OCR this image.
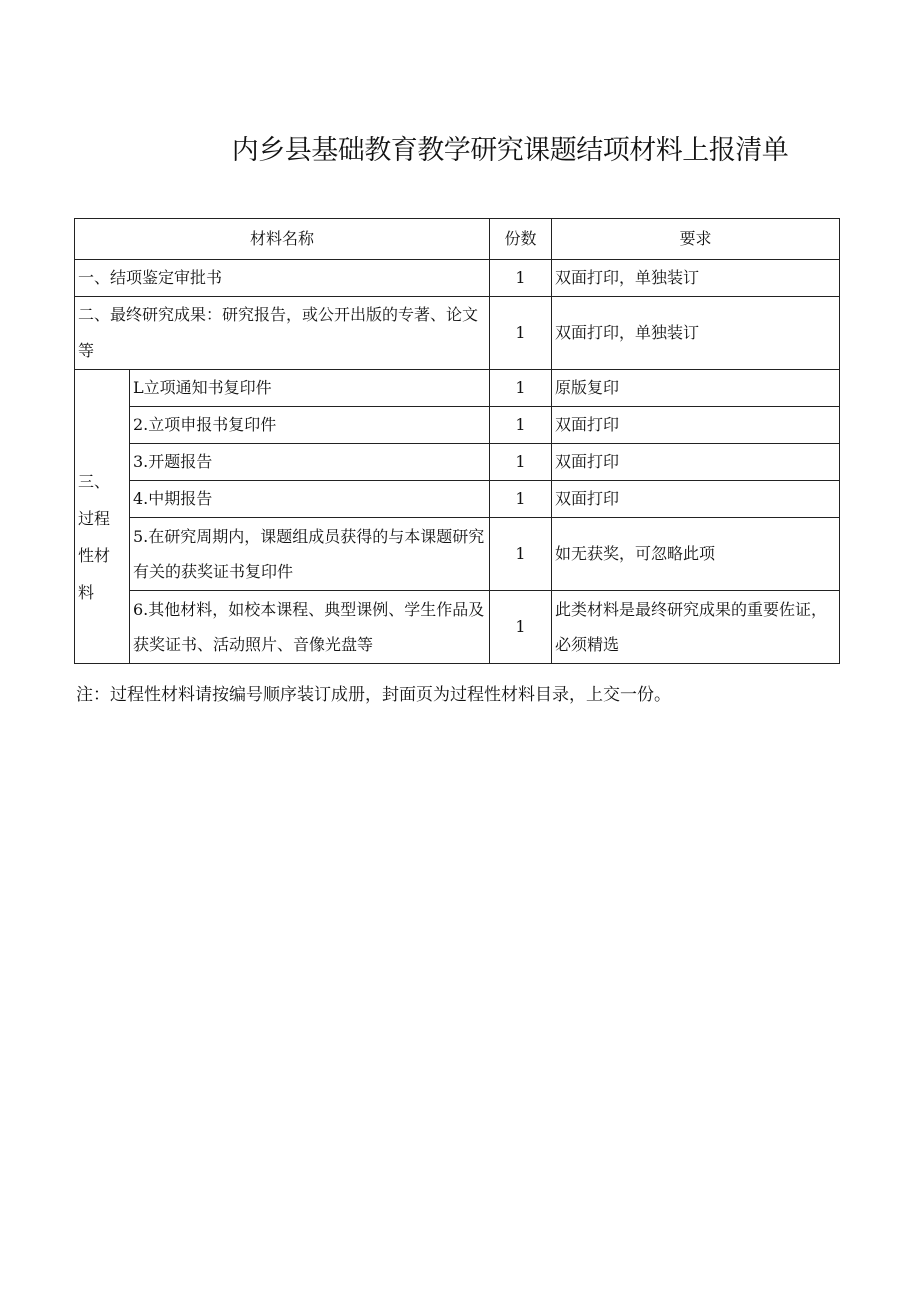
内乡县基础教育教学研究课题结项材料上报清单
材料名称		份数	要求
一、结项鉴定审批书		1	双面打印，单独装订
二、最终研究成果：研究报告，或公开出版的专著、论文等		1	双面打印，单独装订

三、
过程
性材
料	L立项通知书复印件	1	原版复印
	2.立项申报书复印件	1	双面打印
	3.开题报告	1	双面打印
	4.中期报告	1	双面打印
	5.在研究周期内，课题组成员获得的与本课题研究有关的获奖证书复印件	1	如无获奖，可忽略此项
	6.其他材料，如校本课程、典型课例、学生作品及获奖证书、活动照片、音像光盘等	1	此类材料是最终研究成果的重要佐证，必须精选
注：过程性材料请按编号顺序装订成册，封面页为过程性材料目录，上交一份。
